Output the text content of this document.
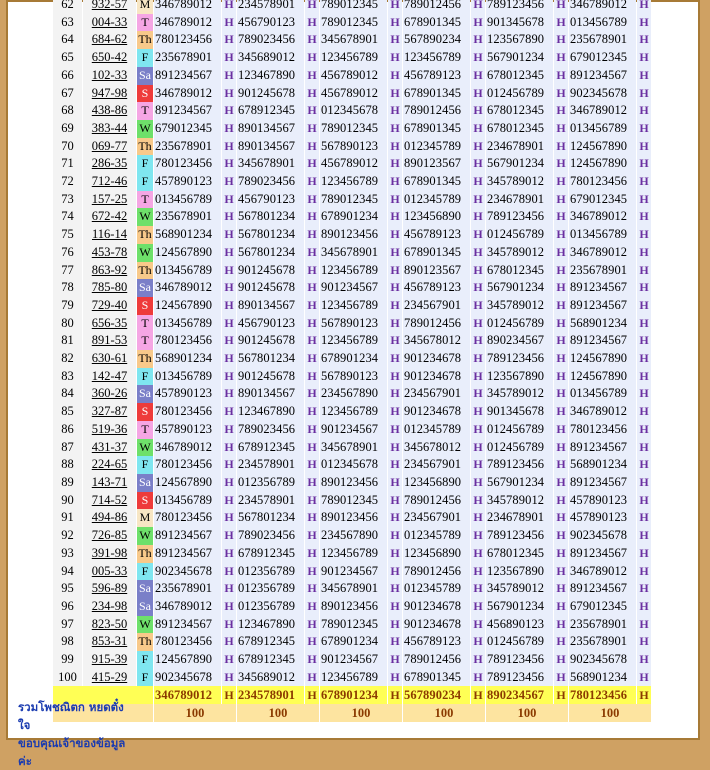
62	932-57	M	346789012	H	234578901	H	789012345	H	789012456	H	789123456	H	346789012	H
63	004-33	T	346789012	H	456790123	H	789012345	H	678901345	H	901345678	H	013456789	H
64	684-62	Th	780123456	H	789023456	H	345678901	H	567890234	H	123567890	H	235678901	H
65	650-42	F	235678901	H	345689012	H	123456789	H	123456789	H	567901234	H	679012345	H
66	102-33	Sa	891234567	H	123467890	H	456789012	H	456789123	H	678012345	H	891234567	H
67	947-98	S	346789012	H	901245678	H	456789012	H	678901345	H	012456789	H	902345678	H
68	438-86	T	891234567	H	678912345	H	012345678	H	789012456	H	678012345	H	346789012	H
69	383-44	W	679012345	H	890134567	H	789012345	H	678901345	H	678012345	H	013456789	H
70	069-77	Th	235678901	H	890134567	H	567890123	H	012345789	H	234678901	H	124567890	H
71	286-35	F	780123456	H	345678901	H	456789012	H	890123567	H	567901234	H	124567890	H
72	712-46	F	457890123	H	789023456	H	123456789	H	678901345	H	345789012	H	780123456	H
73	157-25	T	013456789	H	456790123	H	789012345	H	012345789	H	234678901	H	679012345	H
74	672-42	W	235678901	H	567801234	H	678901234	H	123456890	H	789123456	H	346789012	H
75	116-14	Th	568901234	H	567801234	H	890123456	H	456789123	H	012456789	H	013456789	H
76	453-78	W	124567890	H	567801234	H	345678901	H	678901345	H	345789012	H	346789012	H
77	863-92	Th	013456789	H	901245678	H	123456789	H	890123567	H	678012345	H	235678901	H
78	785-80	Sa	346789012	H	901245678	H	901234567	H	456789123	H	567901234	H	891234567	H
79	729-40	S	124567890	H	890134567	H	123456789	H	234567901	H	345789012	H	891234567	H
80	656-35	T	013456789	H	456790123	H	567890123	H	789012456	H	012456789	H	568901234	H
81	891-53	T	780123456	H	901245678	H	123456789	H	345678012	H	890234567	H	891234567	H
82	630-61	Th	568901234	H	567801234	H	678901234	H	901234678	H	789123456	H	124567890	H
83	142-47	F	013456789	H	901245678	H	567890123	H	901234678	H	123567890	H	124567890	H
84	360-26	Sa	457890123	H	890134567	H	234567890	H	234567901	H	345789012	H	013456789	H
85	327-87	S	780123456	H	123467890	H	123456789	H	901234678	H	901345678	H	346789012	H
86	519-36	T	457890123	H	789023456	H	901234567	H	012345789	H	012456789	H	780123456	H
87	431-37	W	346789012	H	678912345	H	345678901	H	345678012	H	012456789	H	891234567	H
88	224-65	F	780123456	H	234578901	H	012345678	H	234567901	H	789123456	H	568901234	H
89	143-71	Sa	124567890	H	012356789	H	890123456	H	123456890	H	567901234	H	891234567	H
90	714-52	S	013456789	H	234578901	H	789012345	H	789012456	H	345789012	H	457890123	H
91	494-86	M	780123456	H	567801234	H	890123456	H	234567901	H	234678901	H	457890123	H
92	726-85	W	891234567	H	789023456	H	234567890	H	012345789	H	789123456	H	902345678	H
93	391-98	Th	891234567	H	678912345	H	123456789	H	123456890	H	678012345	H	891234567	H
94	005-33	F	902345678	H	012356789	H	901234567	H	789012456	H	123567890	H	346789012	H
95	596-89	Sa	235678901	H	012356789	H	345678901	H	012345789	H	345789012	H	891234567	H
96	234-98	Sa	346789012	H	012356789	H	890123456	H	901234678	H	567901234	H	679012345	H
97	823-50	W	891234567	H	123467890	H	789012345	H	901234678	H	456890123	H	235678901	H
98	853-31	Th	780123456	H	678912345	H	678901234	H	456789123	H	012456789	H	235678901	H
99	915-39	F	124567890	H	678912345	H	901234567	H	789012456	H	789123456	H	902345678	H
100	415-29	F	902345678	H	345689012	H	123456789	H	678901345	H	789123456	H	568901234	H
			346789012	H	234578901	H	678901234	H	567890234	H	890234567	H	780123456	H
			100		100		100		100		100		100	
รวมโพชณิตก หยดตั๋งใจ
ขอบคุณเจ้าของข้อมูลค่ะ
